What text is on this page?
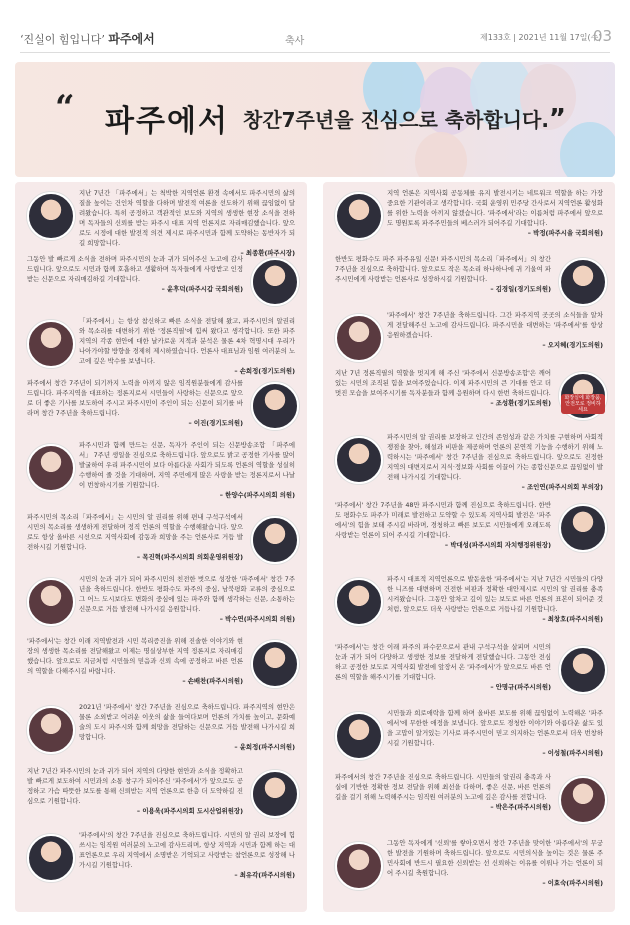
‘진실이 힘입니다’ 파주에서	축사	제133호 | 2021년 11월 17일(수)
03
“ 파주에서 창간7주년을 진심으로 축하합니다.”
지난 7년간 「파주에서」는 척박한 지역언론 환경 속에서도 파주시민의 삶의 질을 높이는 건인차 역할을 다하며 발전적 여론을 선도하기 위해 끊임없이 달려왔습니다. 특히 공정하고 객관적인 보도와 지역의 생생한 현장 소식을 전하며 독자들의 신뢰를 받는 파주시 대표 지역 언론지로 자리매김했습니다. 앞으로도 시정에 대한 발전적 의견 제시로 파주시민과 함께 도약하는 동반자가 되길 희망합니다.
– 최종환(파주시장)
그동안 발 빠르게 소식을 전하며 파주시민의 눈과 귀가 되어주신 노고에 감사드립니다. 앞으로도 시민과 함께 호흡하고 생활하며 독자들에게 사랑받고 인정받는 신문으로 자리매김하길 기대합니다.
– 윤후덕(파주시갑 국회의원)
「파주에서」는 항상 참신하고 빠른 소식을 전달해 왔고, 파주시민의 알권리와 목소리를 대변하기 위한 '정론직필'에 힘써 왔다고 생각합니다. 또한 파주 지역의 각종 현안에 대한 날카로운 지적과 분석은 물론 4차 혁명시대 우리가 나아가야할 방향을 경제히 제시하였습니다. 언론사 대표님과 임원 여러분의 노고에 깊은 박수를 보냅니다.
– 손희정(경기도의원)
파주에서 창간 7주년이 되기까지 노력을 아끼지 않은 임직원분들에게 감사를 드립니다. 파주지역을 대표하는 정론지로서 시민들이 사랑하는 신문으로 앞으로 더 좋은 기사를 보도하여 주시고 파주시민이 주인이 되는 신문이 되기를 바라며 창간 7주년을 축하드립니다.
– 이진(경기도의원)
파주시민과 함께 만드는 신문, 독자가 주인이 되는 신문방송조합 「파주에서」 7주년 생일을 진심으로 축하드립니다. 앞으로도 밝고 공정한 기사를 많이 발굴하여 우리 파주시민이 보다 아름다운 사회가 되도록 언론의 역할을 성실히 수행하여 줄 것을 기대하며, 지역 주민에게 많은 사랑을 받는 정론지로서 나날이 번창하시기를 기원합니다.
– 한양수(파주시의회 의원)
파주시민의 목소리「파주에서」는 시민의 알 권리를 위해 편내 구석구석에서 시민의 목소리를 생생하게 전달하며 정직 언론의 역할을 수행해왔습니다. 앞으로도 항상 올바른 시선으로 지역사회에 감동과 희망을 주는 언론사로 거듭 발전하시길 기원합니다.
– 목진혁(파주시의회 의회운영위원장)
시민의 눈과 귀가 되어 파주시민의 친전한 벗으로 성장한 '파주에서' 창간 7주년을 축하드립니다. 한반도 평화수도 파주의 중심, 남북평화 교류의 중심으로 그 어느 도시보다도 변화의 중심에 있는 파주와 함께 생각하는 신문, 소통하는 신문으로 거듭 발전해 나가시길 응원합니다.
– 박수연(파주시의회 의원)
'파주에서'는 창간 이래 지역발전과 시민 복리증진을 위해 진솔한 이야기와 현장의 생생한 목소리를 전달해왔고 이제는 명실상부한 지역 정론지로 자리매김했습니다. 앞으로도 지금처럼 시민들의 믿음과 신뢰 속에 공정하고 바른 언론의 역할을 다해주시길 바랍니다.
– 손배찬(파주시의원)
2021년 '파주에서' 창간 7주년을 진심으로 축하드립니다. 파주지역의 현안은 물론 소외받고 어려운 이웃의 삶을 들여다보며 언론의 가치를 높이고, 문화예술의 도시 파주시와 함께 희망을 전달하는 신문으로 거듭 발전해 나가시길 희망합니다.
– 윤희정(파주시의원)
지난 7년간 파주시민의 눈과 귀가 되어 지역의 다양한 현안과 소식을 정확하고 발 빠르게 보도하여 시민과의 소통 창구가 되어주신 '파주에서'가 앞으로도 공정하고 가슴 따뜻한 보도를 통해 신뢰받는 지역 언론으로 한층 더 도약하길 진심으로 기원합니다.
– 이용욱(파주시의회 도시산업위원장)
'파주에서'의 창간 7주년을 진심으로 축하드립니다. 시민의 알 권리 보장에 힘쓰시는 임직원 여러분의 노고에 감사드리며, 항상 지역과 시민과 함께 하는 대표언론으로 우리 지역에서 소명받은 기억되고 사랑받는 참언론으로 성장해 나가시길 기원합니다.
– 최유각(파주시의원)
지역 언론은 지역사회 공동체를 유지 발전시키는 네트워크 역할을 하는 가장 중요한 기관이라고 생각합니다. 국회 운영위 민주당 간사로서 지역언론 활성화를 위한 노력을 아끼지 않겠습니다. '파주에서'라는 이름처럼 파주에서 앞으로도 명원토록 파주주민들의 베스러가 되어주길 기대합니다.
– 박정(파주시을 국회의원)
한반도 평화수도 파주 파주유일 신문! 파주시민의 목소리「파주에서」의 창간7주년을 진심으로 축하합니다. 앞으로도 작은 목소리 하나하나에 귀 기울여 파주시민에게 사랑받는 언론사로 성장하시길 기원합니다.
– 김경일(경기도의원)
'파주에서' 창간 7주년을 축하드립니다. 그간 파주지역 곳곳의 소식들을 알차게 전달해주신 노고에 감사드립니다. 파주시민을 대변하는 '파주에서'를 항상 응원하겠습니다.
– 오지혜(경기도의원)
지난 7년 정론직필의 역할을 멋지게 해 주신 '파주에서 신문방송조합'은 깨어있는 시민의 조직된 힘을 보여주었습니다. 이제 파주시민의 큰 기대를 안고 더 멋진 모습을 보여주시기를 독자분들과 함께 응원하며 다시 한번 축하드립니다.
– 조성환(경기도의원)
파주시민의 알 권리를 보장하고 인간의 존엄성과 같은 가치를 구현하며 사회적 쟁점을 찾아, 해설과 비판을 제공하며 언론의 본연적 기능을 수행하기 위해 노력하시는 '파주에서' 창간 7주년을 진심으로 축하드립니다. 앞으로도 진정한 지역의 대변지로서 지식·정보화 사회를 이끌어 가는 종합신문으로 끊임없이 발전해 나가시길 기대합니다.
– 조인연(파주시의회 부의장)
'파주에서' 창간 7주년을 48만 파주시민과 함께 진심으로 축하드립니다. 한반도 평화수도 파주가 미래로 발전하고 도약할 수 있도록 지역사회 발전은 '파주에서'의 힘을 보태 주시길 바라며, 경청하고 빠른 보도로 시민들에게 오래도록 사랑받는 언론이 되어 주시길 기대합니다.
– 박대성(파주시의회 자치행정위원장)
파주시 대표적 지역언론으로 발돋움한 '파주에서'는 지난 7년간 시민들의 다양한 니즈를 대변하며 건전한 비판과 정확한 대안제시로 시민의 알 권리를 충족시켜왔습니다. 그동안 앞차고 깊이 있는 보도로 바른 언론의 표본이 되어준 것처럼, 앞으로도 더욱 사랑받는 언론으로 거듭나길 기원합니다.
– 최창호(파주시의원)
'파주에서'는 창간 이래 파주의 파수꾼으로서 관내 구석구석을 살피며 시민의 눈과 귀가 되어 다양하고 생생한 정보를 전달하게 전달했습니다. 그동안 전심하고 공정한 보도로 지역사회 발전에 앞장서 온 '파주에서'가 앞으로도 바른 언론의 역할을 해주시기를 기대합니다.
– 안명규(파주시의원)
시민들과 희로애락을 함께 하며 올바른 보도를 위해 끊임없이 노력해온 '파주에서'에 무한한 애정을 보냅니다. 앞으로도 경청한 이야기와 아름다운 삶도 있을 고맙이 알거있는 기사로 파주시민이 믿고 의지하는 언론으로서 더욱 번창하시길 기원합니다.
– 이성철(파주시의원)
파주에서의 창간 7주년을 진심으로 축하드립니다. 시민들의 알권리 충족과 사실에 기반한 정확한 정보 전달을 위해 최선을 다하며, 좋은 신문, 바른 언론의 길을 걸기 위해 노력해주시는 임직원 여러분의 노고에 깊은 감사를 전합니다.
– 박은주(파주시의원)
그동안 독자에게 '신뢰'를 쌓아오면서 창간 7주년을 맞이한 '파주에서'의 무궁한 발전을 기원하며 축하드립니다. 앞으로도 시민의식을 높이는 것은 물론 주민사회에 반드시 필요한 신뢰받는 선 신뢰하는 이유를 이뤄나 가는 언론이 되어 주시길 축원합니다.
– 이효숙(파주시의원)
화장실에 화장품, 안전모로 정비하세요
